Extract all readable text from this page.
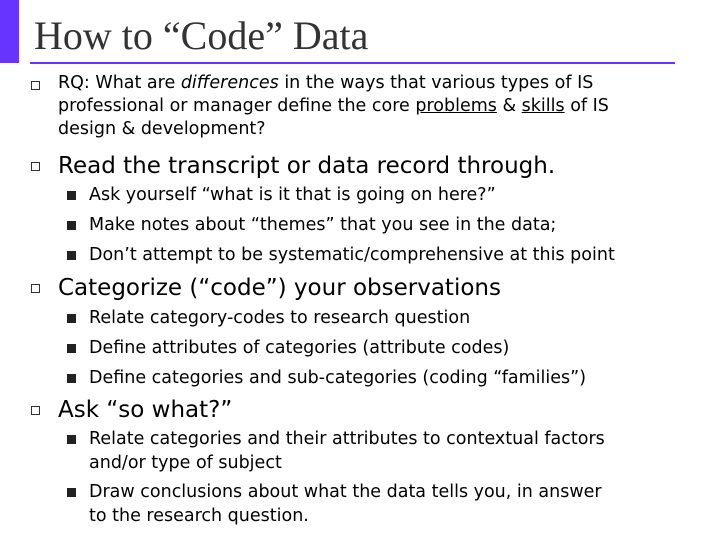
How to “Code” Data
RQ: What are differences in the ways that various types of IS
professional or manager define the core problems & skills of IS
design & development?
Read the transcript or data record through.
Ask yourself “what is it that is going on here?”
Make notes about “themes” that you see in the data;
Don’t attempt to be systematic/comprehensive at this point
Categorize (“code”) your observations
Relate category-codes to research question
Define attributes of categories (attribute codes)
Define categories and sub-categories (coding “families”)
Ask “so what?”
Relate categories and their attributes to contextual factors
and/or type of subject
Draw conclusions about what the data tells you, in answer
to the research question.
